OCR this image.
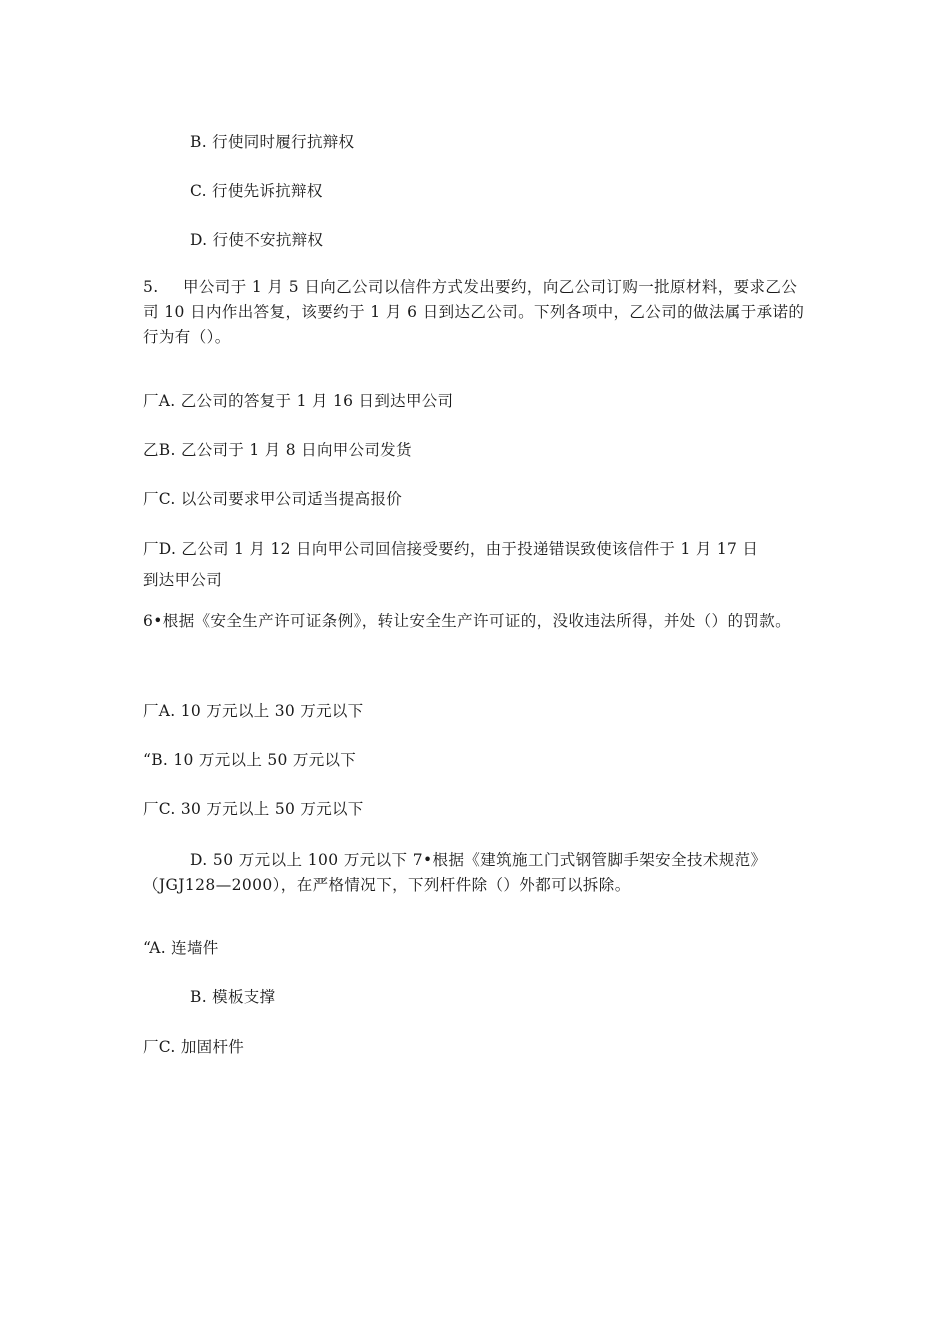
B. 行使同时履行抗辩权
C. 行使先诉抗辩权
D. 行使不安抗辩权
5. 甲公司于 1 月 5 日向乙公司以信件方式发出要约，向乙公司订购一批原材料，要求乙公司 10 日内作出答复，该要约于 1 月 6 日到达乙公司。下列各项中，乙公司的做法属于承诺的行为有（）。
厂A. 乙公司的答复于 1 月 16 日到达甲公司
乙B. 乙公司于 1 月 8 日向甲公司发货
厂C. 以公司要求甲公司适当提高报价
厂D. 乙公司 1 月 12 日向甲公司回信接受要约，由于投递错误致使该信件于 1 月 17 日
到达甲公司
6•根据《安全生产许可证条例》，转让安全生产许可证的，没收违法所得，并处（）的罚款。
厂A. 10 万元以上 30 万元以下
“B. 10 万元以上 50 万元以下
厂C. 30 万元以上 50 万元以下
D. 50 万元以上 100 万元以下 7•根据《建筑施工门式钢管脚手架安全技术规范》（JGJ128—2000），在严格情况下，下列杆件除（）外都可以拆除。
“A. 连墙件
B. 模板支撑
厂C. 加固杆件
